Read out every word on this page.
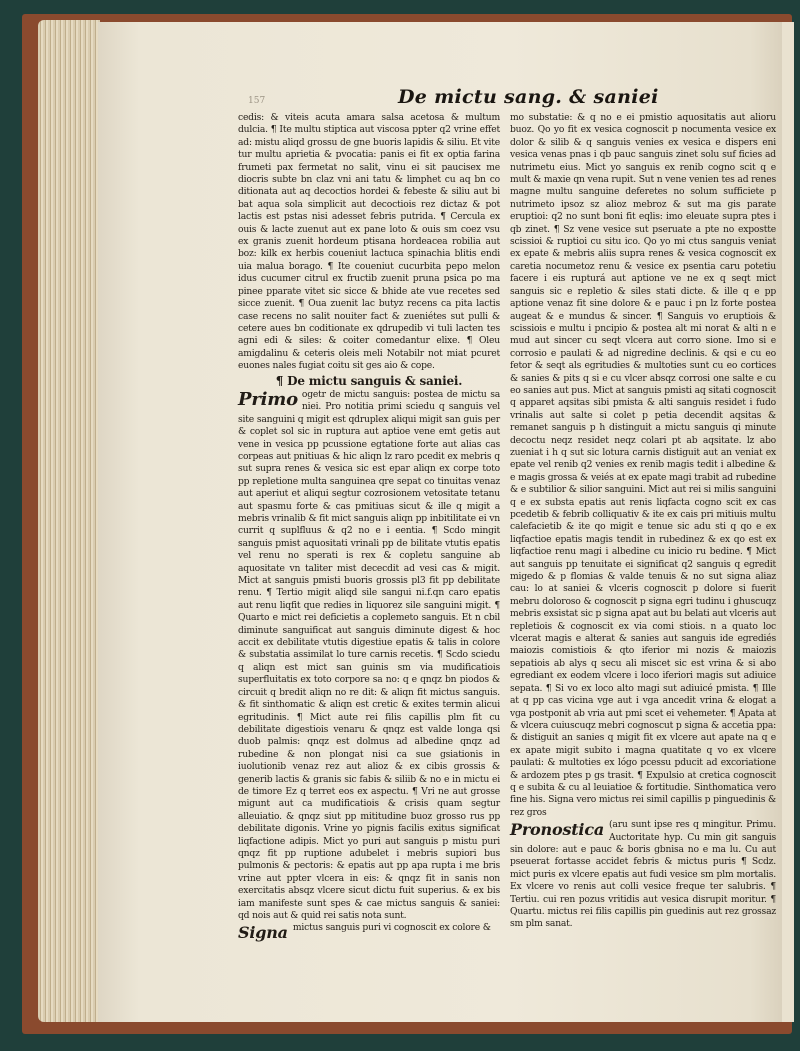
157	De mictu sang. & saniei

cedis: & viteis acuta amara salsa acetosa & multum dulcia. ¶ Ite multu stiptica aut viscosa ppter q2 vrine effet ad: mistu aliqd grossu de gne buoris lapidis & siliu. Et vite tur multu aprietia & pvocatia: panis ei fit ex optia farina frumeti pax fermetat no salit, vinu ei sit paucisex me diocris subte bn claz vni ani tatu & limphet cu aq bn co ditionata aut aq decoctios hordei & febeste & siliu aut bi bat aqua sola simplicit aut decoctiois rez dictaz & pot lactis est pstas nisi adesset febris putrida. ¶ Cercula ex ouis & lacte zuenut aut ex pane loto & ouis sm coez vsu ex granis zuenit hordeum ptisana hordeacea robilia aut boz: kilk ex herbis coueniut lactuca spinachia blitis endi uia malua borago. ¶ Ite coueniut cucurbita pepo melon idus cucumer citrul ex fructib zuenit pruna psica po ma pinee pparate vitet sic sicce & bhide ate vue recetes sed sicce zuenit. ¶ Oua zuenit lac butyz recens ca pita lactis case recens no salit nouiter fact & zueniétes sut pulli & cetere aues bn coditionate ex qdrupedib vi tuli lacten tes agni edi & siles: & coiter comedantur elixe. ¶ Oleu amigdalinu & ceteris oleis meli Notabilr not miat pcuret euones nales fugiat coitu sit ges aio & cope.

¶ De mictu sanguis & saniei.

Primo ogetr de mictu sanguis: postea de mictu sa niei. Pro notitia primi sciedu q sanguis vel site sanguini q migit est qdruplex aliqui migit san guis per & coplet sol sic in ruptura aut aptioe vene emt getis aut vene in vesica pp pcussione egtatione forte aut alias cas corpeas aut pnitiuas & hic aliqn lz raro pcedit ex mebris q sut supra renes & vesica sic est epar aliqn ex corpe toto pp repletione multa sanguinea qre sepat co tinuitas venaz aut aperiut et aliqui segtur cozrosionem vetositate tetanu aut spasmu forte & cas pmitiuas sicut & ille q migit a mebris vrinalib & fit mict sanguis aliqn pp inbitilitate ei vn currit q suplfluus & q2 no e i eentia. ¶ Scdo mingit sanguis pmist aquositati vrinali pp de bilitate vtutis epatis vel renu no sperati is rex & copletu sanguine ab aquositate vn taliter mist dececdit ad vesi cas & migit. Mict at sanguis pmisti buoris grossis pl3 fit pp debilitate renu. ¶ Tertio migit aliqd sile sangui ni.f.qn caro epatis aut renu liqfit que redies in liquorez sile sanguini migit. ¶ Quarto e mict rei deficietis a coplemeto sanguis. Et n cbil diminute sanguificat aut sanguis diminute digest & hoc accit ex debilitate vtutis digestiue epatis & talis in colore & substatia assimilat lo ture carnis recetis. ¶ Scdo sciedu q aliqn est mict san guinis sm via mudificatiois superfluitatis ex toto corpore sa no: q e qnqz bn piodos & circuit q bredit aliqn no re dit: & aliqn fit mictus sanguis. & fit sinthomatic & aliqn est cretic & exites termin alicui egritudinis. ¶ Mict aute rei filis capillis plm fit cu debilitate digestiois venaru & qnqz est valde longa qsi duob palmis: qnqz est dolmus ad albedine qnqz ad rubedine & non plongat nisi ca sue gsiationis in iuolutionib venaz rez aut alioz & ex cibis grossis & generib lactis & granis sic fabis & siliib & no e in mictu ei de timore Ez q terret eos ex aspectu. ¶ Vri ne aut grosse migunt aut ca mudificatiois & crisis quam segtur alleuiatio. & qnqz siut pp mititudine buoz grosso rus pp debilitate digonis. Vrine yo pignis facilis exitus significat liqfactione adipis. Mict yo puri aut sanguis p mistu puri qnqz fit pp ruptione adubelet i mebris supiori bus pulmonis & pectoris: & epatis aut pp apa rupta i me bris vrine aut ppter vlcera in eis: & qnqz fit in sanis non exercitatis absqz vlcere sicut dictu fuit superius. & ex bis iam manifeste sunt spes & cae mictus sanguis & saniei: qd nois aut & quid rei satis nota sunt.

Signa mictus sanguis puri vi cognoscit ex colore &

mo substatie: & q no e ei pmistio aquositatis aut alioru buoz. Qo yo fit ex vesica cognoscit p nocumenta vesice ex dolor & silib & q sanguis venies ex vesica e dispers eni vesica venas pnas i qb pauc sanguis zinet solu suf ficies ad nutrimetu eius. Mict yo sanguis ex renib cogno scit q e mult & maxie qn vena rupit. Sut n vene venien tes ad renes magne multu sanguine deferetes no solum sufficiete p nutrimeto ipsoz sz alioz mebroz & sut ma gis parate eruptioi: q2 no sunt boni fit eqlis: imo eleuate supra ptes i qb zinet. ¶ Sz vene vesice sut pseruate a pte no expostte scissioi & ruptioi cu situ ico. Qo yo mi ctus sanguis veniat ex epate & mebris aliis supra renes & vesica cognoscit ex caretia nocumetoz renu & vesice ex psentia caru potetiu facere i eis rupturá aut aptione ve ne ex q seqt mict sanguis sic e repletio & siles stati dicte. & ille q e pp aptione venaz fit sine dolore & e pauc i pn lz forte postea augeat & e mundus & sincer. ¶ Sanguis vo eruptiois & scissiois e multu i pncipio & postea alt mi norat & alti n e mud aut sincer cu seqt vlcera aut corro sione. Imo si e corrosio e paulati & ad nigredine declinis. & qsi e cu eo fetor & seqt als egritudies & multoties sunt cu eo cortices & sanies & pits q si e cu vlcer absqz corrosi one salte e cu eo sanies aut pus. Mict at sanguis pmisti aq sitati cognoscit q apparet aqsitas sibi pmista & alti sanguis residet i fudo vrinalis aut salte si colet p petia decendit aqsitas & remanet sanguis p h distinguit a mictu sanguis qi minute decoctu neqz residet neqz colari pt ab aqsitate. lz abo zueniat i h q sut sic lotura carnis distiguit aut an veniat ex epate vel renib q2 venies ex renib magis tedit i albedine & e magis grossa & veiés at ex epate magi trabit ad rubedine & e subtilior & silior sanguini. Mict aut rei si milis sanguini q e ex substa epatis aut renis liqfacta cogno scit ex cas pcedetib & febrib colliquativ & ite ex cais pri mitiuis multu calefacietib & ite qo migit e tenue sic adu sti q qo e ex liqfactioe epatis magis tendit in rubedinez & ex qo est ex liqfactioe renu magi i albedine cu inicio ru bedine. ¶ Mict aut sanguis pp tenuitate ei significat q2 sanguis q egredit migedo & p flomias & valde tenuis & no sut signa aliaz cau: lo at saniei & vlceris cognoscit p dolore si fuerit mebru doloroso & cognoscit p signa egri tudinu i ghuscuqz mebris exsistat sic p signa apat aut bu belati aut vlceris aut repletiois & cognoscit ex via comi stiois. n a quato loc vlcerat magis e alterat & sanies aut sanguis ide egrediés maiozis comistiois & qto iferior mi nozis & maiozis sepatiois ab alys q secu ali miscet sic est vrina & si abo egrediant ex eodem vlcere i loco iferiori magis sut adiuice sepata. ¶ Si vo ex loco alto magi sut adiuicé pmista. ¶ Ille at q pp cas vicina vge aut i vga ancedit vrina & elogat a vga postponit ab vria aut pmi scet ei vehemeter. ¶ Apata at & vlcera cuiuscuqz mebri cognoscut p signa & accetia ppa: & distiguit an sanies q migit fit ex vlcere aut apate na q e ex apate migit subito i magna quatitate q vo ex vlcere paulati: & multoties ex lógo pcessu pducit ad excoriatione & ardozem ptes p gs trasit. ¶ Expulsio at cretica cognoscit q e subita & cu al leuiatioe & fortitudie. Sinthomatica vero fine his. Signa vero mictus rei simil capillis p pinguedinis & rez gros

Pronostica (aru sunt ipse res q mingitur. Primu. Auctoritate hyp. Cu min git sanguis sin dolore: aut e pauc & boris gbnisa no e ma lu. Cu aut pseuerat fortasse accidet febris & mictus puris ¶ Scdz. mict puris ex vlcere epatis aut fudi vesice sm plm mortalis. Ex vlcere vo renis aut colli vesice freque ter salubris. ¶ Tertiu. cui ren pozus vritidis aut vesica disrupit moritur. ¶ Quartu. mictus rei filis capillis pin guedinis aut rez grossaz sm plm sanat.
